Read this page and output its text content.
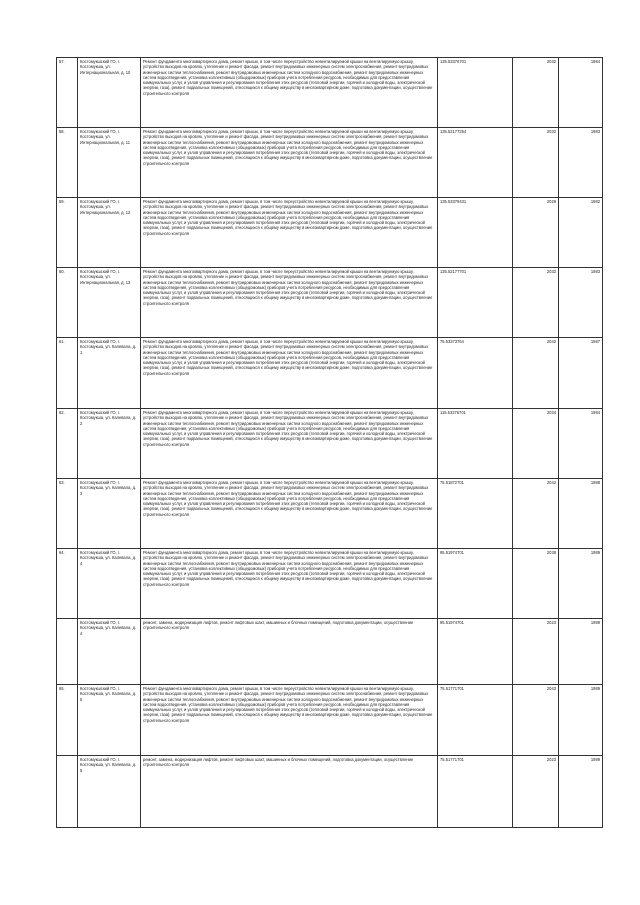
57.	Костомукшский ГО, г. Костомукша, ул. Интернациональная, д. 10	Ремонт фундамента многоквартирного дома, ремонт крыши, в том числе переустройство невентилируемой крыши на вентилируемую крышу, устройство выходов на кровлю, утепление и ремонт фасада, ремонт внутридомовых инженерных систем электроснабжения, ремонт внутридомовых инженерных систем теплоснабжения, ремонт внутридомовых инженерных систем холодного водоснабжения, ремонт внутридомовых инженерных систем водоотведения, установка коллективных (общедомовых) приборов учета потребления ресурсов, необходимых для предоставления коммунальных услуг, и узлов управления и регулирования потребления этих ресурсов (тепловой энергии, горячей и холодной воды, электрической энергии, газа), ремонт подвальных помещений, относящихся к общему имуществу в многоквартирном доме, подготовка документации, осуществление строительного контроля	135.53376701	2032	1984
58.	Костомукшский ГО, г. Костомукша, ул. Интернациональная, д. 11	Ремонт фундамента многоквартирного дома, ремонт крыши, в том числе переустройство невентилируемой крыши на вентилируемую крышу, устройство выходов на кровлю, утепление и ремонт фасада, ремонт внутридомовых инженерных систем электроснабжения, ремонт внутридомовых инженерных систем теплоснабжения, ремонт внутридомовых инженерных систем холодного водоснабжения, ремонт внутридомовых инженерных систем водоотведения, установка коллективных (общедомовых) приборов учета потребления ресурсов, необходимых для предоставления коммунальных услуг, и узлов управления и регулирования потребления этих ресурсов (тепловой энергии, горячей и холодной воды, электрической энергии, газа), ремонт подвальных помещений, относящихся к общему имуществу в многоквартирном доме, подготовка документации, осуществление строительного контроля	135.52177254	2032	1983
59.	Костомукшский ГО, г. Костомукша, ул. Интернациональная, д. 12	Ремонт фундамента многоквартирного дома, ремонт крыши, в том числе переустройство невентилируемой крыши на вентилируемую крышу, устройство выходов на кровлю, утепление и ремонт фасада, ремонт внутридомовых инженерных систем электроснабжения, ремонт внутридомовых инженерных систем теплоснабжения, ремонт внутридомовых инженерных систем холодного водоснабжения, ремонт внутридомовых инженерных систем водоотведения, установка коллективных (общедомовых) приборов учета потребления ресурсов, необходимых для предоставления коммунальных услуг, и узлов управления и регулирования потребления этих ресурсов (тепловой энергии, горячей и холодной воды, электрической энергии, газа), ремонт подвальных помещений, относящихся к общему имуществу в многоквартирном доме, подготовка документации, осуществление строительного контроля	135.53378431	2029	1982
60.	Костомукшский ГО, г. Костомукша, ул. Интернациональная, д. 13	Ремонт фундамента многоквартирного дома, ремонт крыши, в том числе переустройство невентилируемой крыши на вентилируемую крышу, устройство выходов на кровлю, утепление и ремонт фасада, ремонт внутридомовых инженерных систем электроснабжения, ремонт внутридомовых инженерных систем теплоснабжения, ремонт внутридомовых инженерных систем холодного водоснабжения, ремонт внутридомовых инженерных систем водоотведения, установка коллективных (общедомовых) приборов учета потребления ресурсов, необходимых для предоставления коммунальных услуг, и узлов управления и регулирования потребления этих ресурсов (тепловой энергии, горячей и холодной воды, электрической энергии, газа), ремонт подвальных помещений, относящихся к общему имуществу в многоквартирном доме, подготовка документации, осуществление строительного контроля	135.52177701	2032	1983
61.	Костомукшский ГО, г. Костомукша, ул. Калевала, д. 1	Ремонт фундамента многоквартирного дома, ремонт крыши, в том числе переустройство невентилируемой крыши на вентилируемую крышу, устройство выходов на кровлю, утепление и ремонт фасада, ремонт внутридомовых инженерных систем электроснабжения, ремонт внутридомовых инженерных систем теплоснабжения, ремонт внутридомовых инженерных систем холодного водоснабжения, ремонт внутридомовых инженерных систем водоотведения, установка коллективных (общедомовых) приборов учета потребления ресурсов, необходимых для предоставления коммунальных услуг, и узлов управления и регулирования потребления этих ресурсов (тепловой энергии, горячей и холодной воды, электрической энергии, газа), ремонт подвальных помещений, относящихся к общему имуществу в многоквартирном доме, подготовка документации, осуществление строительного контроля	75.53373764	2042	1987
62.	Костомукшский ГО, г. Костомукша, ул. Калевала, д. 2	Ремонт фундамента многоквартирного дома, ремонт крыши, в том числе переустройство невентилируемой крыши на вентилируемую крышу, устройство выходов на кровлю, утепление и ремонт фасада, ремонт внутридомовых инженерных систем электроснабжения, ремонт внутридомовых инженерных систем теплоснабжения, ремонт внутридомовых инженерных систем холодного водоснабжения, ремонт внутридомовых инженерных систем водоотведения, установка коллективных (общедомовых) приборов учета потребления ресурсов, необходимых для предоставления коммунальных услуг, и узлов управления и регулирования потребления этих ресурсов (тепловой энергии, горячей и холодной воды, электрической энергии, газа), ремонт подвальных помещений, относящихся к общему имуществу в многоквартирном доме, подготовка документации, осуществление строительного контроля	115.53376701	2034	1984
63.	Костомукшский ГО, г. Костомукша, ул. Калевала, д. 3	Ремонт фундамента многоквартирного дома, ремонт крыши, в том числе переустройство невентилируемой крыши на вентилируемую крышу, устройство выходов на кровлю, утепление и ремонт фасада, ремонт внутридомовых инженерных систем электроснабжения, ремонт внутридомовых инженерных систем теплоснабжения, ремонт внутридомовых инженерных систем холодного водоснабжения, ремонт внутридомовых инженерных систем водоотведения, установка коллективных (общедомовых) приборов учета потребления ресурсов, необходимых для предоставления коммунальных услуг, и узлов управления и регулирования потребления этих ресурсов (тепловой энергии, горячей и холодной воды, электрической энергии, газа), ремонт подвальных помещений, относящихся к общему имуществу в многоквартирном доме, подготовка документации, осуществление строительного контроля	75.51872701	2042	1988
64.	Костомукшский ГО, г. Костомукша, ул. Калевала, д. 4	Ремонт фундамента многоквартирного дома, ремонт крыши, в том числе переустройство невентилируемой крыши на вентилируемую крышу, устройство выходов на кровлю, утепление и ремонт фасада, ремонт внутридомовых инженерных систем электроснабжения, ремонт внутридомовых инженерных систем теплоснабжения, ремонт внутридомовых инженерных систем холодного водоснабжения, ремонт внутридомовых инженерных систем водоотведения, установка коллективных (общедомовых) приборов учета потребления ресурсов, необходимых для предоставления коммунальных услуг, и узлов управления и регулирования потребления этих ресурсов (тепловой энергии, горячей и холодной воды, электрической энергии, газа), ремонт подвальных помещений, относящихся к общему имуществу в многоквартирном доме, подготовка документации, осуществление строительного контроля	95.51974701	2038	1989
	Костомукшский ГО, г. Костомукша, ул. Калевала, д. 4	ремонт, замена, модернизация лифтов, ремонт лифтовых шахт, машинных и блочных помещений, подготовка документации, осуществление строительного контроля	95.51974701	2023	1989
65.	Костомукшский ГО, г. Костомукша, ул. Калевала, д. 5	Ремонт фундамента многоквартирного дома, ремонт крыши, в том числе переустройство невентилируемой крыши на вентилируемую крышу, устройство выходов на кровлю, утепление и ремонт фасада, ремонт внутридомовых инженерных систем электроснабжения, ремонт внутридомовых инженерных систем теплоснабжения, ремонт внутридомовых инженерных систем холодного водоснабжения, ремонт внутридомовых инженерных систем водоотведения, установка коллективных (общедомовых) приборов учета потребления ресурсов, необходимых для предоставления коммунальных услуг, и узлов управления и регулирования потребления этих ресурсов (тепловой энергии, горячей и холодной воды, электрической энергии, газа), ремонт подвальных помещений, относящихся к общему имуществу в многоквартирном доме, подготовка документации, осуществление строительного контроля	75.51771701	2043	1989
	Костомукшский ГО, г. Костомукша, ул. Калевала, д. 5	ремонт, замена, модернизация лифтов, ремонт лифтовых шахт, машинных и блочных помещений, подготовка документации, осуществление строительного контроля	75.51771701	2023	1989
